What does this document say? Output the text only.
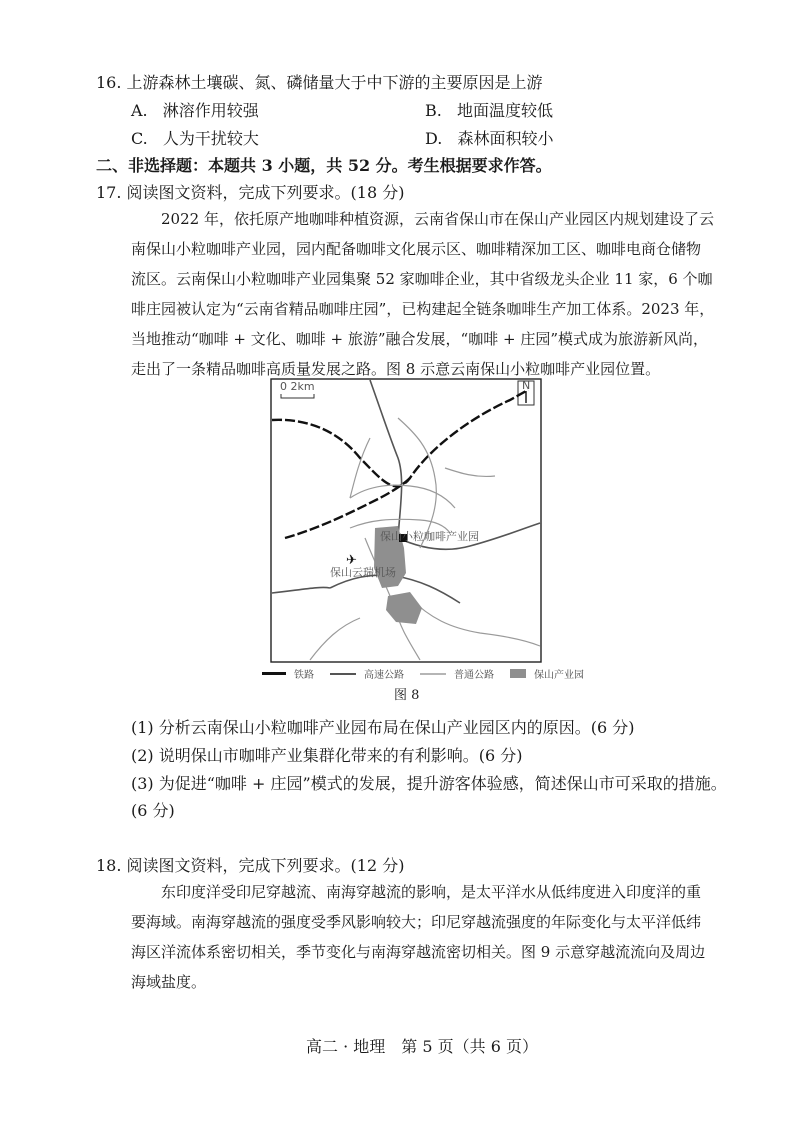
16. 上游森林土壤碳、氮、磷储量大于中下游的主要原因是上游
A. 淋溶作用较强	B. 地面温度较低
C. 人为干扰较大	D. 森林面积较小
二、非选择题：本题共 3 小题，共 52 分。考生根据要求作答。
17. 阅读图文资料，完成下列要求。(18 分)
2022 年，依托原产地咖啡种植资源，云南省保山市在保山产业园区内规划建设了云
南保山小粒咖啡产业园，园内配备咖啡文化展示区、咖啡精深加工区、咖啡电商仓储物
流区。云南保山小粒咖啡产业园集聚 52 家咖啡企业，其中省级龙头企业 11 家，6 个咖
啡庄园被认定为“云南省精品咖啡庄园”，已构建起全链条咖啡生产加工体系。2023 年，
当地推动“咖啡 + 文化、咖啡 + 旅游”融合发展，“咖啡 + 庄园”模式成为旅游新风尚，
走出了一条精品咖啡高质量发展之路。图 8 示意云南保山小粒咖啡产业园位置。
0 2km	N
保山小粒咖啡产业园
✈
保山云瑞机场
铁路	高速公路	普通公路	保山产业园
图 8
(1) 分析云南保山小粒咖啡产业园布局在保山产业园区内的原因。(6 分)
(2) 说明保山市咖啡产业集群化带来的有利影响。(6 分)
(3) 为促进“咖啡 + 庄园”模式的发展，提升游客体验感，简述保山市可采取的措施。
(6 分)
18. 阅读图文资料，完成下列要求。(12 分)
东印度洋受印尼穿越流、南海穿越流的影响，是太平洋水从低纬度进入印度洋的重
要海域。南海穿越流的强度受季风影响较大；印尼穿越流强度的年际变化与太平洋低纬
海区洋流体系密切相关，季节变化与南海穿越流密切相关。图 9 示意穿越流流向及周边
海域盐度。
高二 · 地理　第 5 页（共 6 页）
